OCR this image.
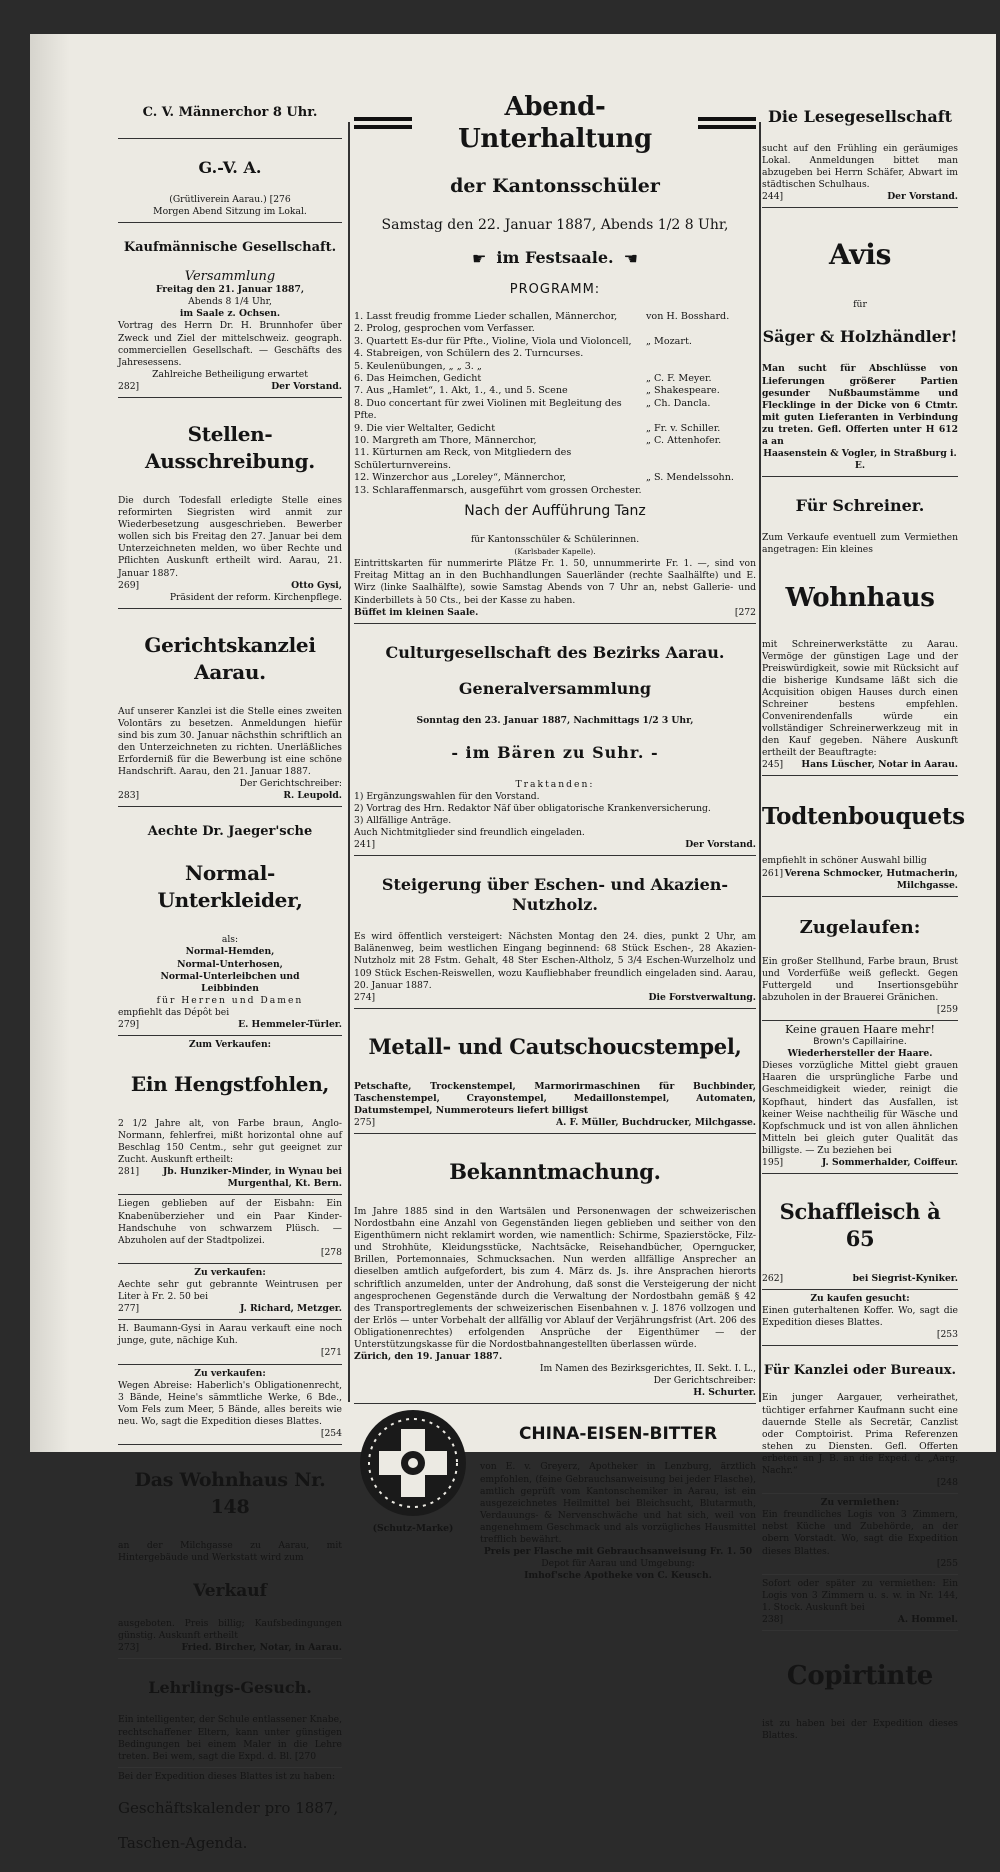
C. V. Männerchor 8 Uhr.

G.-V. A.

(Grütliverein Aarau.) [276

Morgen Abend Sitzung im Lokal.

Kaufmännische Gesellschaft.

Versammlung

Freitag den 21. Januar 1887,

Abends 8 1/4 Uhr,

im Saale z. Ochsen.

Vortrag des Herrn Dr. H. Brunnhofer über Zweck und Ziel der mittelschweiz. geograph. commerciellen Gesellschaft. — Geschäfts des Jahresessens.

Zahlreiche Betheiligung erwartet

282]	Der Vorstand.

Stellen-Ausschreibung.

Die durch Todesfall erledigte Stelle eines reformirten Siegristen wird anmit zur Wiederbesetzung ausgeschrieben. Bewerber wollen sich bis Freitag den 27. Januar bei dem Unterzeichneten melden, wo über Rechte und Pflichten Auskunft ertheilt wird. Aarau, 21. Januar 1887.

269]	Otto Gysi,

Präsident der reform. Kirchenpflege.

Gerichtskanzlei Aarau.

Auf unserer Kanzlei ist die Stelle eines zweiten Volontärs zu besetzen. Anmeldungen hiefür sind bis zum 30. Januar nächsthin schriftlich an den Unterzeichneten zu richten. Unerläßliches Erforderniß für die Bewerbung ist eine schöne Handschrift. Aarau, den 21. Januar 1887.

Der Gerichtschreiber:

283]	R. Leupold.

Aechte Dr. Jaeger'sche

Normal-Unterkleider,

als:

Normal-Hemden,

Normal-Unterhosen,

Normal-Unterleibchen und

Leibbinden

für Herren und Damen

empfiehlt das Dépôt bei

279]	E. Hemmeler-Türler.

Zum Verkaufen:

Ein Hengstfohlen,

2 1/2 Jahre alt, von Farbe braun, Anglo-Normann, fehlerfrei, mißt horizontal ohne auf Beschlag 150 Centm., sehr gut geeignet zur Zucht. Auskunft ertheilt:

281]	Jb. Hunziker-Minder, in Wynau bei Murgenthal, Kt. Bern.

Liegen geblieben auf der Eisbahn: Ein Knabenüberzieher und ein Paar Kinder-Handschuhe von schwarzem Plüsch. — Abzuholen auf der Stadtpolizei.

[278

Zu verkaufen:

Aechte sehr gut gebrannte Weintrusen per Liter à Fr. 2. 50 bei

277]	J. Richard, Metzger.

H. Baumann-Gysi in Aarau verkauft eine noch junge, gute, nächige Kuh.

[271

Zu verkaufen:

Wegen Abreise: Haberlich's Obligationenrecht, 3 Bände, Heine's sämmtliche Werke, 6 Bde., Vom Fels zum Meer, 5 Bände, alles bereits wie neu. Wo, sagt die Expedition dieses Blattes.

[254

Das Wohnhaus Nr. 148

an der Milchgasse zu Aarau, mit Hintergebäude und Werkstatt wird zum

Verkauf

ausgeboten. Preis billig; Kaufsbedingungen günstig. Auskunft ertheilt

273]	Fried. Bircher, Notar, in Aarau.

Lehrlings-Gesuch.

Ein intelligenter, der Schule entlassener Knabe, rechtschaffener Eltern, kann unter günstigen Bedingungen bei einem Maler in die Lehre treten. Bei wem, sagt die Expd. d. Bl. [270

Bei der Expedition dieses Blattes ist zu haben:

Geschäftskalender pro 1887,

Taschen-Agenda.

Abend-Unterhaltung

der Kantonsschüler

Samstag den 22. Januar 1887, Abends 1/2 8 Uhr,

☛ im Festsaale. ☚

PROGRAMM:

1. Lasst freudig fromme Lieder schallen, Männerchor,	von H. Bosshard.
2. Prolog, gesprochen vom Verfasser.
3. Quartett Es-dur für Pfte., Violine, Viola und Violoncell,	„ Mozart.
4. Stabreigen, von Schülern des 2. Turncurses.
5. Keulenübungen, „ „ 3. „
6. Das Heimchen, Gedicht	„ C. F. Meyer.
7. Aus „Hamlet“, 1. Akt, 1., 4., und 5. Scene	„ Shakespeare.
8. Duo concertant für zwei Violinen mit Begleitung des Pfte.
„ Ch. Dancla.
9. Die vier Weltalter, Gedicht	„ Fr. v. Schiller.
10. Margreth am Thore, Männerchor,	„ C. Attenhofer.
11. Kürturnen am Reck, von Mitgliedern des Schülerturnvereins.
12. Winzerchor aus „Loreley“, Männerchor,	„ S. Mendelssohn.
13. Schlaraffenmarsch, ausgeführt vom grossen Orchester.

Nach der Aufführung Tanz

für Kantonsschüler & Schülerinnen.

(Karlsbader Kapelle).

Eintrittskarten für nummerirte Plätze Fr. 1. 50, unnummerirte Fr. 1. —, sind von Freitag Mittag an in den Buchhandlungen Sauerländer (rechte Saalhälfte) und E. Wirz (linke Saalhälfte), sowie Samstag Abends von 7 Uhr an, nebst Gallerie- und Kinderbillets à 50 Cts., bei der Kasse zu haben.

Büffet im kleinen Saale.	[272

Culturgesellschaft des Bezirks Aarau.

Generalversammlung

Sonntag den 23. Januar 1887, Nachmittags 1/2 3 Uhr,

- im Bären zu Suhr. -

Traktanden:

1) Ergänzungswahlen für den Vorstand.

2) Vortrag des Hrn. Redaktor Näf über obligatorische Krankenversicherung.

3) Allfällige Anträge.

Auch Nichtmitglieder sind freundlich eingeladen.

241]	Der Vorstand.

Steigerung über Eschen- und Akazien-Nutzholz.

Es wird öffentlich versteigert: Nächsten Montag den 24. dies, punkt 2 Uhr, am Balänenweg, beim westlichen Eingang beginnend: 68 Stück Eschen-, 28 Akazien- Nutzholz mit 28 Fstm. Gehalt, 48 Ster Eschen-Altholz, 5 3/4 Eschen-Wurzelholz und 109 Stück Eschen-Reiswellen, wozu Kaufliebhaber freundlich eingeladen sind. Aarau, 20. Januar 1887.

274]	Die Forstverwaltung.

Metall- und Cautschoucstempel,

Petschafte, Trockenstempel, Marmorirmaschinen für Buchbinder, Taschenstempel, Crayonstempel, Medaillonstempel, Automaten, Datumstempel, Nummeroteurs liefert billigst

275]	A. F. Müller, Buchdrucker, Milchgasse.

Bekanntmachung.

Im Jahre 1885 sind in den Wartsälen und Personenwagen der schweizerischen Nordostbahn eine Anzahl von Gegenständen liegen geblieben und seither von den Eigenthümern nicht reklamirt worden, wie namentlich: Schirme, Spazierstöcke, Filz- und Strohhüte, Kleidungsstücke, Nachtsäcke, Reisehandbücher, Operngucker, Brillen, Portemonnaies, Schmucksachen. Nun werden allfällige Ansprecher an dieselben amtlich aufgefordert, bis zum 4. März ds. Js. ihre Ansprachen hierorts schriftlich anzumelden, unter der Androhung, daß sonst die Versteigerung der nicht angesprochenen Gegenstände durch die Verwaltung der Nordostbahn gemäß § 42 des Transportreglements der schweizerischen Eisenbahnen v. J. 1876 vollzogen und der Erlös — unter Vorbehalt der allfällig vor Ablauf der Verjährungsfrist (Art. 206 des Obligationenrechtes) erfolgenden Ansprüche der Eigenthümer — der Unterstützungskasse für die Nordostbahnangestellten überlassen würde.

Zürich, den 19. Januar 1887.

Im Namen des Bezirksgerichtes, II. Sekt. I. L.,

Der Gerichtschreiber:

H. Schurter.

(Schutz-Marke)

CHINA-EISEN-BITTER

von E. v. Greyerz, Apotheker in Lenzburg, ärztlich empfohlen, (feine Gebrauchsanweisung bei jeder Flasche), amtlich geprüft vom Kantonschemiker in Aarau, ist ein ausgezeichnetes Heilmittel bei Bleichsucht, Blutarmuth, Verdauungs- & Nervenschwäche und hat sich, weil von angenehmem Geschmack und als vorzügliches Hausmittel trefflich bewährt.

Preis per Flasche mit Gebrauchsanweisung Fr. 1. 50

Depot für Aarau und Umgebung:

Imhof'sche Apotheke von C. Keusch.

Die Lesegesellschaft

sucht auf den Frühling ein geräumiges Lokal. Anmeldungen bittet man abzugeben bei Herrn Schäfer, Abwart im städtischen Schulhaus.

244]	Der Vorstand.

Avis

für

Säger & Holzhändler!

Man sucht für Abschlüsse von Lieferungen größerer Partien gesunder Nußbaumstämme und Flecklinge in der Dicke von 6 Ctmtr. mit guten Lieferanten in Verbindung zu treten. Gefl. Offerten unter H 612 a an

Haasenstein & Vogler, in Straßburg i. E.

Für Schreiner.

Zum Verkaufe eventuell zum Vermiethen angetragen: Ein kleines

Wohnhaus

mit Schreinerwerkstätte zu Aarau. Vermöge der günstigen Lage und der Preiswürdigkeit, sowie mit Rücksicht auf die bisherige Kundsame läßt sich die Acquisition obigen Hauses durch einen Schreiner bestens empfehlen. Convenirendenfalls würde ein vollständiger Schreinerwerkzeug mit in den Kauf gegeben. Nähere Auskunft ertheilt der Beauftragte:

245] Hans Lüscher, Notar in Aarau.

Todtenbouquets

empfiehlt in schöner Auswahl billig

261] Verena Schmocker, Hutmacherin, Milchgasse.

Zugelaufen:

Ein großer Stellhund, Farbe braun, Brust und Vorderfüße weiß gefleckt. Gegen Futtergeld und Insertionsgebühr abzuholen in der Brauerei Gränichen.

[259

Keine grauen Haare mehr!

Brown's Capillairine.

Wiederhersteller der Haare.

Dieses vorzügliche Mittel giebt grauen Haaren die ursprüngliche Farbe und Geschmeidigkeit wieder, reinigt die Kopfhaut, hindert das Ausfallen, ist keiner Weise nachtheilig für Wäsche und Kopfschmuck und ist von allen ähnlichen Mitteln bei gleich guter Qualität das billigste. — Zu beziehen bei

195]	J. Sommerhalder, Coiffeur.

Schaffleisch à 65

262]	bei Siegrist-Kyniker.

Zu kaufen gesucht:

Einen guterhaltenen Koffer. Wo, sagt die Expedition dieses Blattes.

[253

Für Kanzlei oder Bureaux.

Ein junger Aargauer, verheirathet, tüchtiger erfahrner Kaufmann sucht eine dauernde Stelle als Secretär, Canzlist oder Comptoirist. Prima Referenzen stehen zu Diensten. Gefl. Offerten erbeten an J. B. an die Exped. d. „Aarg. Nachr.“

[248

Zu vermiethen:

Ein freundliches Logis von 3 Zimmern, nebst Küche und Zubehörde, an der obern Vorstadt. Wo, sagt die Expedition dieses Blattes.

[255

Sofort oder später zu vermiethen: Ein Logis von 3 Zimmern u. s. w. in Nr. 144, 1. Stock. Auskunft bei

238]	A. Hommel.

Copirtinte

ist zu haben bei der Expedition dieses Blattes.
